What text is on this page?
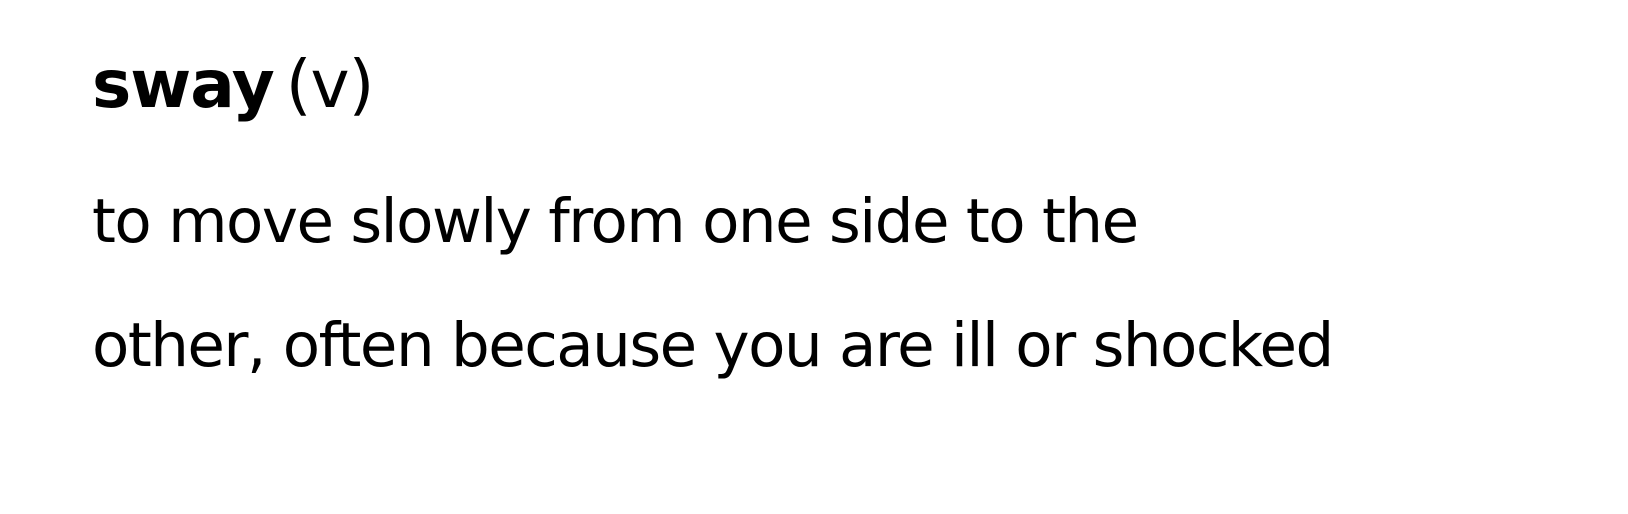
sway (v)
to move slowly from one side to the
other, often because you are ill or shocked
